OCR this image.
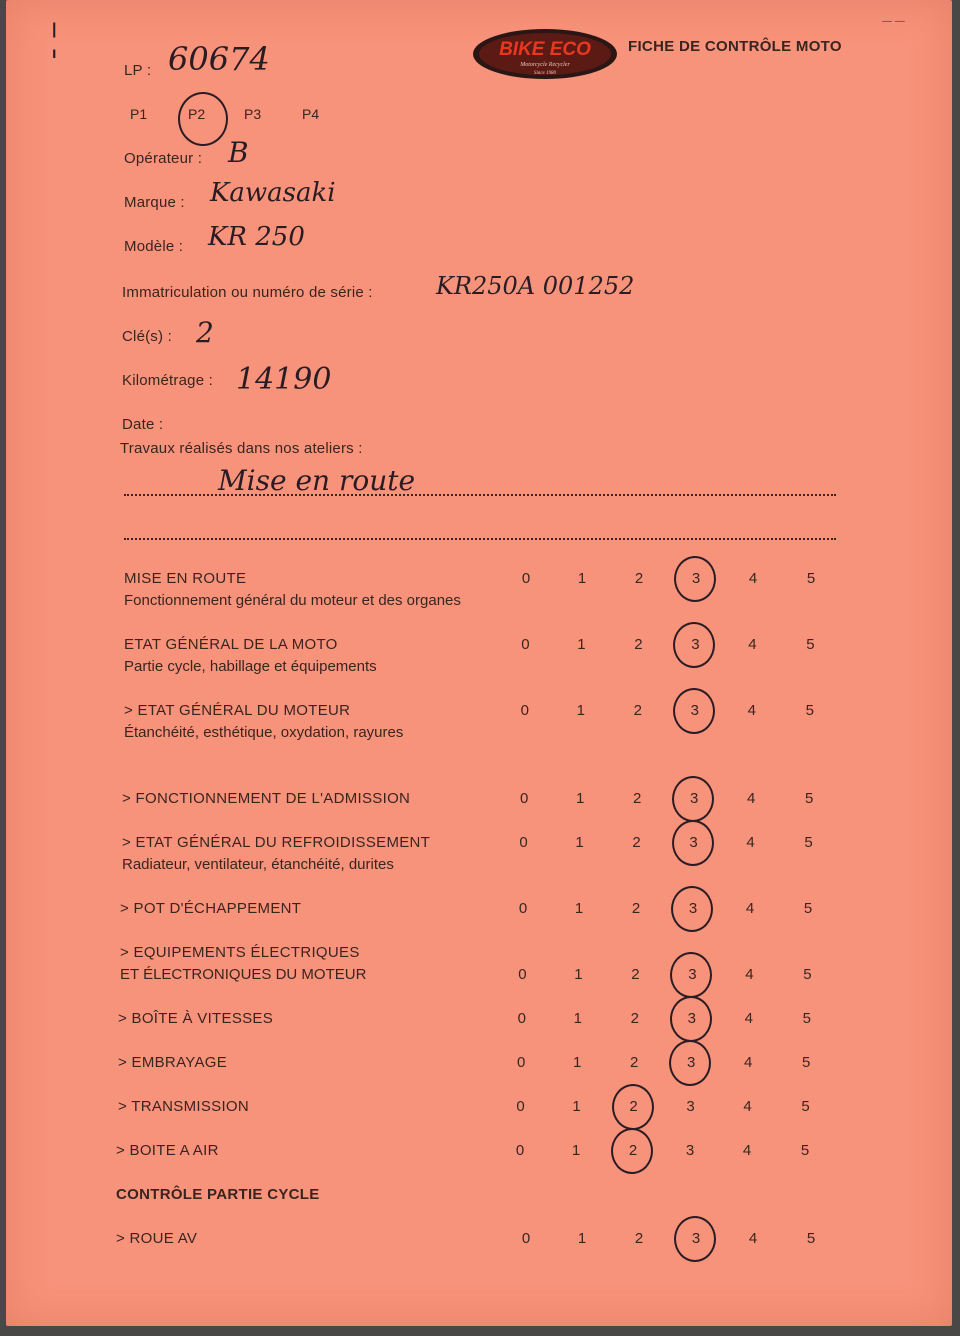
|
ı	BIKE ECO
Motorcycle Recycler
Since 1980
FICHE DE CONTRÔLE MOTO
LP : 60674
P1	P2	P3	P4
Opérateur : B
Marque : Kawasaki
Modèle : KR 250
Immatriculation ou numéro de série :	KR250A 001252
Clé(s) : 2
Kilométrage : 14190
Date :
Travaux réalisés dans nos ateliers :
Mise en route
MISE EN ROUTE
Fonctionnement général du moteur et des organes
0	1	2	3	4	5
ETAT GÉNÉRAL DE LA MOTO
Partie cycle, habillage et équipements
0	1	2	3	4	5
> ETAT GÉNÉRAL DU MOTEUR
Étanchéité, esthétique, oxydation, rayures
0	1	2	3	4	5
> FONCTIONNEMENT DE L'ADMISSION	0	1	2	3	4	5
> ETAT GÉNÉRAL DU REFROIDISSEMENT
Radiateur, ventilateur, étanchéité, durites
0	1	2	3	4	5
> POT D'ÉCHAPPEMENT	0	1	2	3	4	5
> EQUIPEMENTS ÉLECTRIQUES
ET ÉLECTRONIQUES DU MOTEUR	0	1	2	3	4	5
> BOÎTE À VITESSES	0	1	2	3	4	5
> EMBRAYAGE	0	1	2	3	4	5
> TRANSMISSION	0	1	2	3	4	5
> BOITE A AIR	0	1	2	3	4	5
CONTRÔLE PARTIE CYCLE
> ROUE AV	0	1	2	3	4	5
— —
